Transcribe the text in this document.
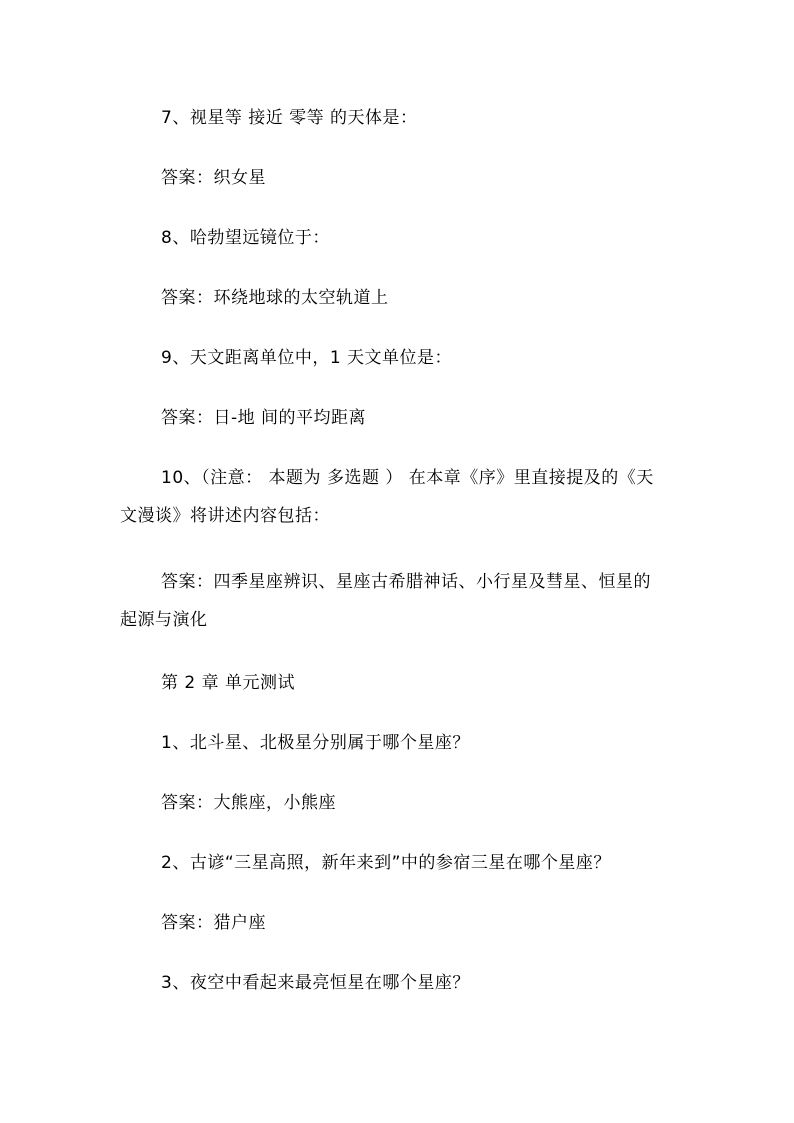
7、视星等 接近 零等 的天体是：
答案：织女星
8、哈勃望远镜位于：
答案：环绕地球的太空轨道上
9、天文距离单位中，1 天文单位是：
答案：日-地 间的平均距离
10、（注意： 本题为 多选题 ） 在本章《序》里直接提及的《天
文漫谈》将讲述内容包括：
答案：四季星座辨识、星座古希腊神话、小行星及彗星、恒星的
起源与演化
第 2 章 单元测试
1、北斗星、北极星分别属于哪个星座？
答案：大熊座，小熊座
2、古谚“三星高照，新年来到”中的参宿三星在哪个星座？
答案：猎户座
3、夜空中看起来最亮恒星在哪个星座？
